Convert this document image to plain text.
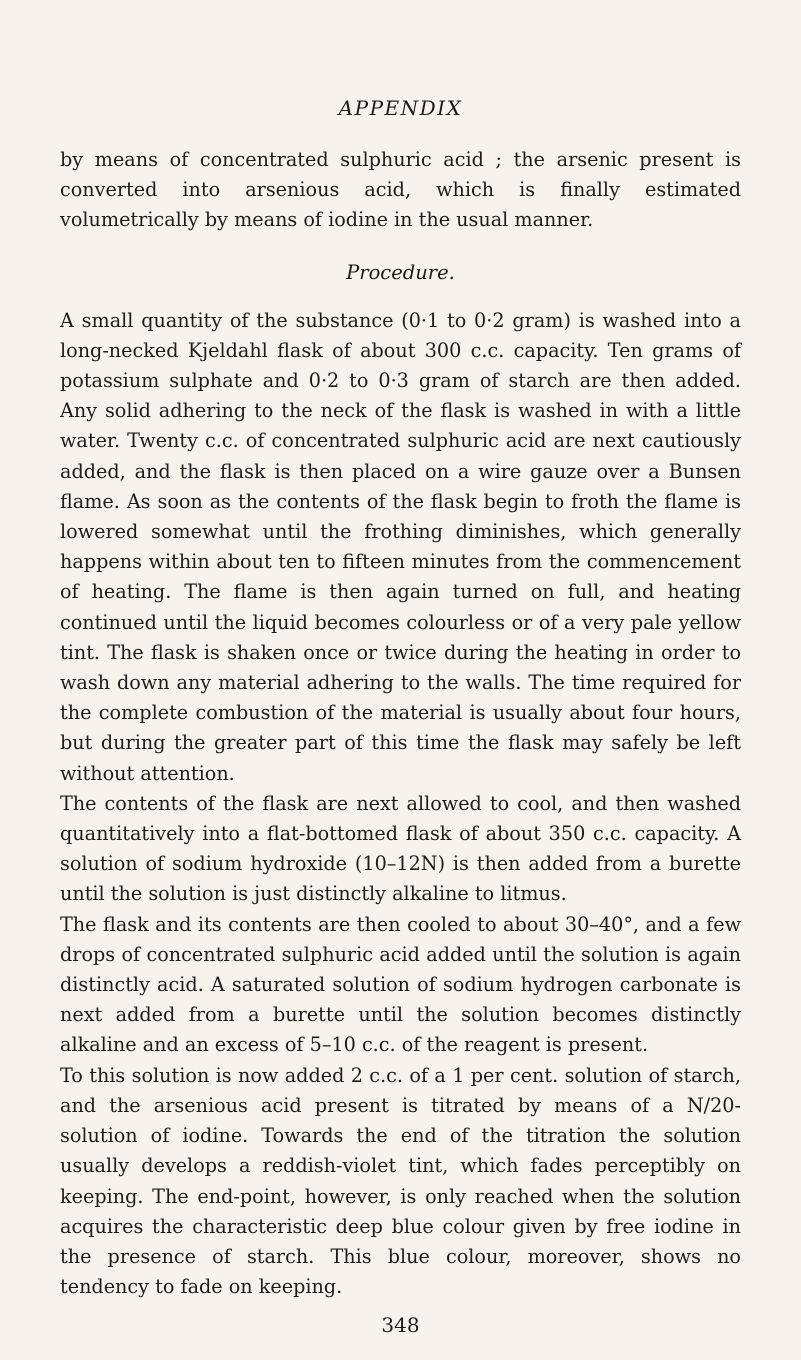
APPENDIX

by means of concentrated sulphuric acid ; the arsenic present is converted into arsenious acid, which is finally estimated volumetrically by means of iodine in the usual manner.

Procedure.

A small quantity of the substance (0·1 to 0·2 gram) is washed into a long-necked Kjeldahl flask of about 300 c.c. capacity. Ten grams of potassium sulphate and 0·2 to 0·3 gram of starch are then added. Any solid adhering to the neck of the flask is washed in with a little water. Twenty c.c. of concentrated sulphuric acid are next cautiously added, and the flask is then placed on a wire gauze over a Bunsen flame. As soon as the contents of the flask begin to froth the flame is lowered somewhat until the frothing diminishes, which generally happens within about ten to fifteen minutes from the commencement of heating. The flame is then again turned on full, and heating continued until the liquid becomes colourless or of a very pale yellow tint. The flask is shaken once or twice during the heating in order to wash down any material adhering to the walls. The time required for the complete combustion of the material is usually about four hours, but during the greater part of this time the flask may safely be left without attention.

The contents of the flask are next allowed to cool, and then washed quantitatively into a flat-bottomed flask of about 350 c.c. capacity. A solution of sodium hydroxide (10–12N) is then added from a burette until the solution is just distinctly alkaline to litmus.

The flask and its contents are then cooled to about 30–40°, and a few drops of concentrated sulphuric acid added until the solution is again distinctly acid. A saturated solution of sodium hydrogen carbonate is next added from a burette until the solution becomes distinctly alkaline and an excess of 5–10 c.c. of the reagent is present.

To this solution is now added 2 c.c. of a 1 per cent. solution of starch, and the arsenious acid present is titrated by means of a N/20-solution of iodine. Towards the end of the titration the solution usually develops a reddish-violet tint, which fades perceptibly on keeping. The end-point, however, is only reached when the solution acquires the characteristic deep blue colour given by free iodine in the presence of starch. This blue colour, moreover, shows no tendency to fade on keeping.

348
